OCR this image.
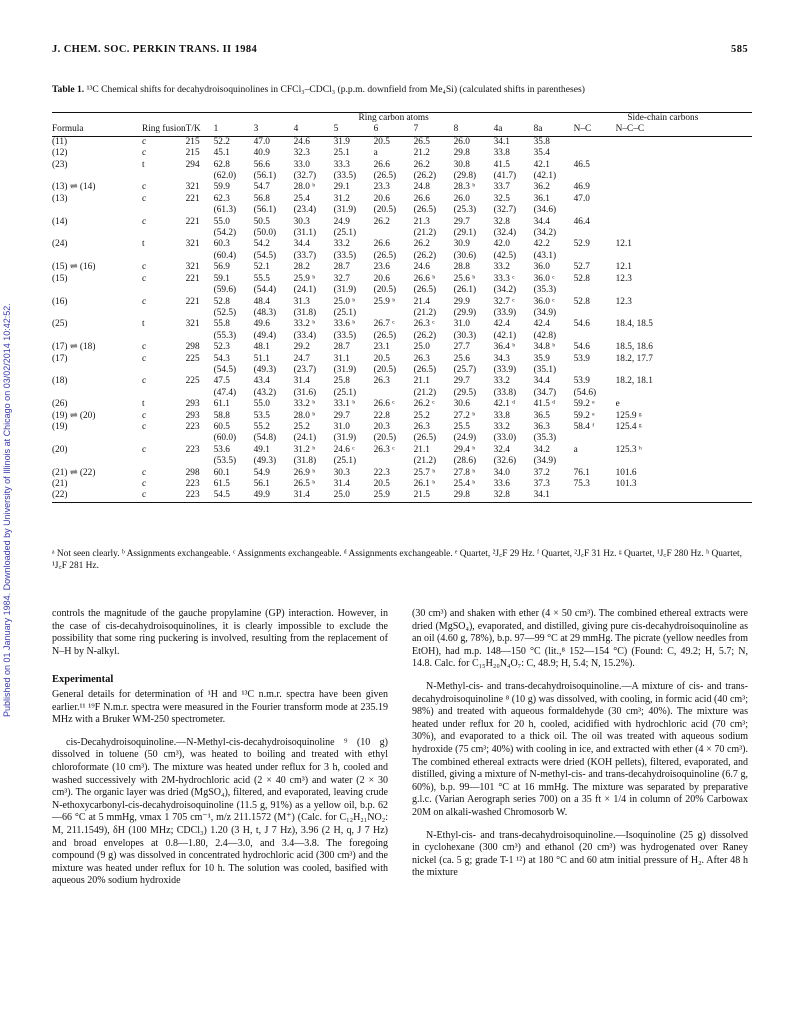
Published on 01 January 1984. Downloaded by University of Illinois at Chicago on 03/02/2014 10:42:52.
J. CHEM. SOC. PERKIN TRANS. II 1984	585
Table 1. ¹³C Chemical shifts for decahydroisoquinolines in CFCl₃–CDCl₃ (p.p.m. downfield from Me₄Si) (calculated shifts in parentheses)
			Ring carbon atoms									Side-chain carbons	
Formula	Ring fusion	T/K	1	3	4	5	6	7	8	4a	8a	N–C	N–C–C
(11)	c	215	52.2	47.0	24.6	31.9	20.5	26.5	26.0	34.1	35.8		
(12)	c	215	45.1	40.9	32.3	25.1	a	21.2	29.8	33.8	35.4		
(23)	t	294	62.8	56.6	33.0	33.3	26.6	26.2	30.8	41.5	42.1	46.5	
			(62.0)	(56.1)	(32.7)	(33.5)	(26.5)	(26.2)	(29.8)	(41.7)	(42.1)		
(13) ⇌ (14)	c	321	59.9	54.7	28.0 ᵇ	29.1	23.3	24.8	28.3 ᵇ	33.7	36.2	46.9	
(13)	c	221	62.3	56.8	25.4	31.2	20.6	26.6	26.0	32.5	36.1	47.0	
			(61.3)	(56.1)	(23.4)	(31.9)	(20.5)	(26.5)	(25.3)	(32.7)	(34.6)		
(14)	c	221	55.0	50.5	30.3	24.9	26.2	21.3	29.7	32.8	34.4	46.4	
			(54.2)	(50.0)	(31.1)	(25.1)		(21.2)	(29.1)	(32.4)	(34.2)		
(24)	t	321	60.3	54.2	34.4	33.2	26.6	26.2	30.9	42.0	42.2	52.9	12.1
			(60.4)	(54.5)	(33.7)	(33.5)	(26.5)	(26.2)	(30.6)	(42.5)	(43.1)		
(15) ⇌ (16)	c	321	56.9	52.1	28.2	28.7	23.6	24.6	28.8	33.2	36.0	52.7	12.1
(15)	c	221	59.1	55.5	25.9 ᵇ	32.7	20.6	26.6 ᵇ	25.6 ᵇ	33.3 ᶜ	36.0 ᶜ	52.8	12.3
			(59.6)	(54.4)	(24.1)	(31.9)	(20.5)	(26.5)	(26.1)	(34.2)	(35.3)		
(16)	c	221	52.8	48.4	31.3	25.0 ᵇ	25.9 ᵇ	21.4	29.9	32.7 ᶜ	36.0 ᶜ	52.8	12.3
			(52.5)	(48.3)	(31.8)	(25.1)		(21.2)	(29.9)	(33.9)	(34.9)		
(25)	t	321	55.8	49.6	33.2 ᵇ	33.6 ᵇ	26.7 ᶜ	26.3 ᶜ	31.0	42.4	42.4	54.6	18.4, 18.5
			(55.3)	(49.4)	(33.4)	(33.5)	(26.5)	(26.2)	(30.3)	(42.1)	(42.8)		
(17) ⇌ (18)	c	298	52.3	48.1	29.2	28.7	23.1	25.0	27.7	36.4 ᵇ	34.8 ᵇ	54.6	18.5, 18.6
(17)	c	225	54.3	51.1	24.7	31.1	20.5	26.3	25.6	34.3	35.9	53.9	18.2, 17.7
			(54.5)	(49.3)	(23.7)	(31.9)	(20.5)	(26.5)	(25.7)	(33.9)	(35.1)		
(18)	c	225	47.5	43.4	31.4	25.8	26.3	21.1	29.7	33.2	34.4	53.9	18.2, 18.1
			(47.4)	(43.2)	(31.6)	(25.1)		(21.2)	(29.5)	(33.8)	(34.7)	(54.6)	
(26)	t	293	61.1	55.0	33.2 ᵇ	33.1 ᵇ	26.6 ᶜ	26.2 ᶜ	30.6	42.1 ᵈ	41.5 ᵈ	59.2 ᵉ	e
(19) ⇌ (20)	c	293	58.8	53.5	28.0 ᵇ	29.7	22.8	25.2	27.2 ᵇ	33.8	36.5	59.2 ᵉ	125.9 ᵍ
(19)	c	223	60.5	55.2	25.2	31.0	20.3	26.3	25.5	33.2	36.3	58.4 ᶠ	125.4 ᵍ
			(60.0)	(54.8)	(24.1)	(31.9)	(20.5)	(26.5)	(24.9)	(33.0)	(35.3)		
(20)	c	223	53.6	49.1	31.2 ᵇ	24.6 ᶜ	26.3 ᶜ	21.1	29.4 ᵇ	32.4	34.2	a	125.3 ʰ
			(53.5)	(49.3)	(31.8)	(25.1)		(21.2)	(28.6)	(32.6)	(34.9)		
(21) ⇌ (22)	c	298	60.1	54.9	26.9 ᵇ	30.3	22.3	25.7 ᵇ	27.8 ᵇ	34.0	37.2	76.1	101.6
(21)	c	223	61.5	56.1	26.5 ᵇ	31.4	20.5	26.1 ᵇ	25.4 ᵇ	33.6	37.3	75.3	101.3
(22)	c	223	54.5	49.9	31.4	25.0	25.9	21.5	29.8	32.8	34.1		
ᵃ Not seen clearly. ᵇ Assignments exchangeable. ᶜ Assignments exchangeable. ᵈ Assignments exchangeable. ᵉ Quartet, ²J꜀F 29 Hz. ᶠ Quartet, ²J꜀F 31 Hz. ᵍ Quartet, ¹J꜀F 280 Hz. ʰ Quartet, ¹J꜀F 281 Hz.

controls the magnitude of the gauche propylamine (GP) interaction. However, in the case of cis-decahydroisoquinolines, it is clearly impossible to exclude the possibility that some ring puckering is involved, resulting from the replacement of N–H by N-alkyl.

Experimental

General details for determination of ¹H and ¹³C n.m.r. spectra have been given earlier.¹¹ ¹⁹F N.m.r. spectra were measured in the Fourier transform mode at 235.19 MHz with a Bruker WM-250 spectrometer.

cis-Decahydroisoquinoline.—N-Methyl-cis-decahydroisoquinoline ⁹ (10 g) dissolved in toluene (50 cm³), was heated to boiling and treated with ethyl chloroformate (10 cm³). The mixture was heated under reflux for 3 h, cooled and washed successively with 2M-hydrochloric acid (2 × 40 cm³) and water (2 × 30 cm³). The organic layer was dried (MgSO₄), filtered, and evaporated, leaving crude N-ethoxycarbonyl-cis-decahydroisoquinoline (11.5 g, 91%) as a yellow oil, b.p. 62—66 °C at 5 mmHg, νmax 1 705 cm⁻¹, m/z 211.1572 (M⁺) (Calc. for C₁₂H₂₁NO₂: M, 211.1549), δH (100 MHz; CDCl₃) 1.20 (3 H, t, J 7 Hz), 3.96 (2 H, q, J 7 Hz) and broad envelopes at 0.8—1.80, 2.4—3.0, and 3.4—3.8. The foregoing compound (9 g) was dissolved in concentrated hydrochloric acid (300 cm³) and the mixture was heated under reflux for 10 h. The solution was cooled, basified with aqueous 20% sodium hydroxide

(30 cm³) and shaken with ether (4 × 50 cm³). The combined ethereal extracts were dried (MgSO₄), evaporated, and distilled, giving pure cis-decahydroisoquinoline as an oil (4.60 g, 78%), b.p. 97—99 °C at 29 mmHg. The picrate (yellow needles from EtOH), had m.p. 148—150 °C (lit.,⁸ 152—154 °C) (Found: C, 49.2; H, 5.7; N, 14.8. Calc. for C₁₅H₂₀N₄O₇: C, 48.9; H, 5.4; N, 15.2%).

N-Methyl-cis- and trans-decahydroisoquinoline.—A mixture of cis- and trans-decahydroisoquinoline ⁸ (10 g) was dissolved, with cooling, in formic acid (40 cm³; 98%) and treated with aqueous formaldehyde (30 cm³; 40%). The mixture was heated under reflux for 20 h, cooled, acidified with hydrochloric acid (70 cm³; 30%), and evaporated to a thick oil. The oil was treated with aqueous sodium hydroxide (75 cm³; 40%) with cooling in ice, and extracted with ether (4 × 70 cm³). The combined ethereal extracts were dried (KOH pellets), filtered, evaporated, and distilled, giving a mixture of N-methyl-cis- and trans-decahydroisoquinoline (6.7 g, 60%), b.p. 99—101 °C at 16 mmHg. The mixture was separated by preparative g.l.c. (Varian Aerograph series 700) on a 35 ft × 1/4 in column of 20% Carbowax 20M on alkali-washed Chromosorb W.

N-Ethyl-cis- and trans-decahydroisoquinoline.—Isoquinoline (25 g) dissolved in cyclohexane (300 cm³) and ethanol (20 cm³) was hydrogenated over Raney nickel (ca. 5 g; grade T-1 ¹²) at 180 °C and 60 atm initial pressure of H₂. After 48 h the mixture
